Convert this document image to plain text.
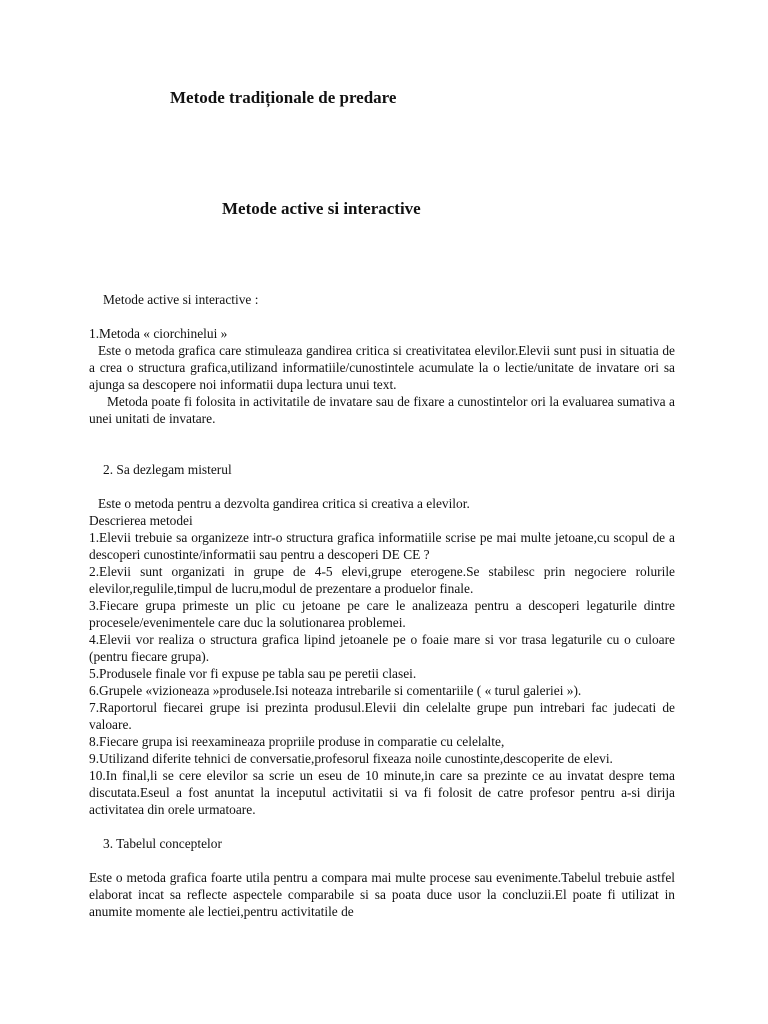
Metode tradiționale de predare
Metode active si interactive

Metode active si interactive :

1.Metoda « ciorchinelui »

Este o metoda grafica care stimuleaza gandirea critica si creativitatea elevilor.Elevii sunt pusi in situatia de a crea o structura grafica,utilizand informatiile/cunostintele acumulate la o lectie/unitate de invatare ori sa ajunga sa descopere noi informatii dupa lectura unui text.

Metoda poate fi folosita in activitatile de invatare sau de fixare a cunostintelor ori la evaluarea sumativa a unei unitati de invatare.

2. Sa dezlegam misterul

Este o metoda pentru a dezvolta gandirea critica si creativa a elevilor.

Descrierea metodei

1.Elevii trebuie sa organizeze intr-o structura grafica informatiile scrise pe mai multe jetoane,cu scopul de a descoperi cunostinte/informatii sau pentru a descoperi DE CE ?

2.Elevii sunt organizati in grupe de 4-5 elevi,grupe eterogene.Se stabilesc prin negociere rolurile elevilor,regulile,timpul de lucru,modul de prezentare a produelor finale.

3.Fiecare grupa primeste un plic cu jetoane pe care le analizeaza pentru a descoperi legaturile dintre procesele/evenimentele care duc la solutionarea problemei.

4.Elevii vor realiza o structura grafica lipind jetoanele pe o foaie mare si vor trasa legaturile cu o culoare (pentru fiecare grupa).

5.Produsele finale vor fi expuse pe tabla sau pe peretii clasei.

6.Grupele «vizioneaza »produsele.Isi noteaza intrebarile si comentariile ( « turul galeriei »).

7.Raportorul fiecarei grupe isi prezinta produsul.Elevii din celelalte grupe pun intrebari fac judecati de valoare.

8.Fiecare grupa isi reexamineaza propriile produse in comparatie cu celelalte,

9.Utilizand diferite tehnici de conversatie,profesorul fixeaza noile cunostinte,descoperite de elevi.

10.In final,li se cere elevilor sa scrie un eseu de 10 minute,in care sa prezinte ce au invatat despre tema discutata.Eseul a fost anuntat la inceputul activitatii si va fi folosit de catre profesor pentru a-si dirija activitatea din orele urmatoare.

3. Tabelul conceptelor

Este o metoda grafica foarte utila pentru a compara mai multe procese sau evenimente.Tabelul trebuie astfel elaborat incat sa reflecte aspectele comparabile si sa poata duce usor la concluzii.El poate fi utilizat in anumite momente ale lectiei,pentru activitatile de
